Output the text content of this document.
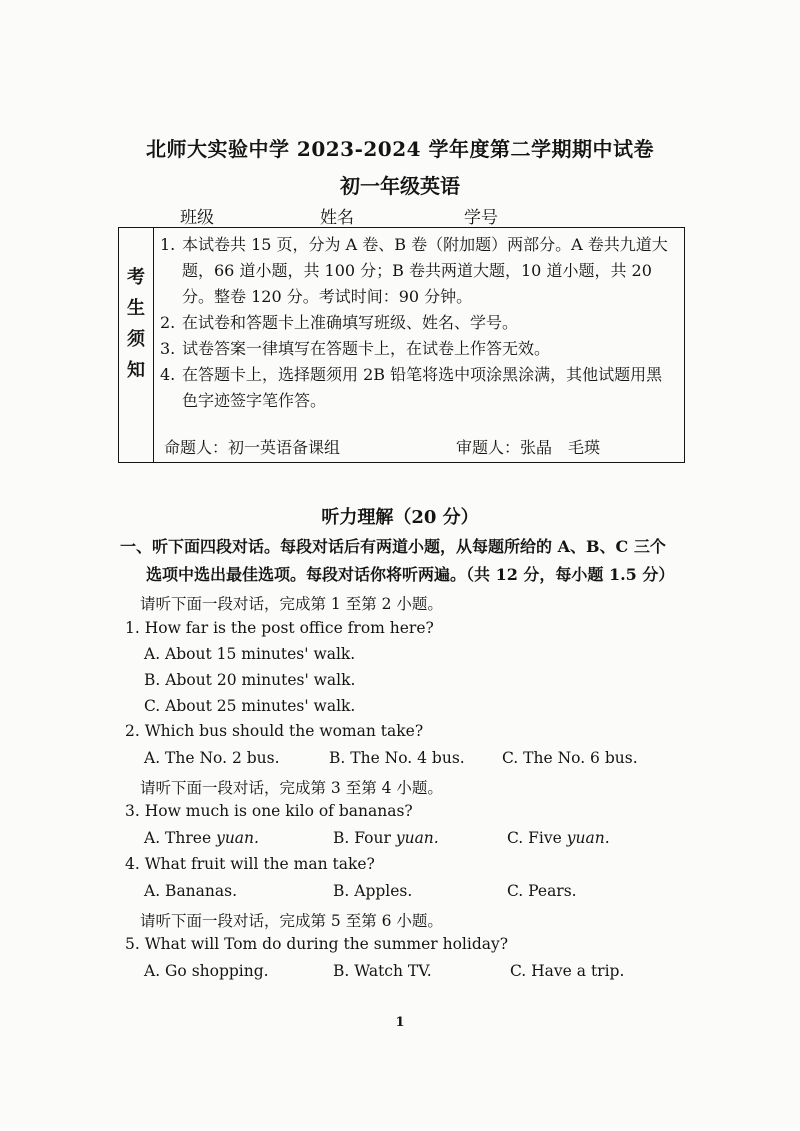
北师大实验中学 2023-2024 学年度第二学期期中试卷
初一年级英语
班级	姓名	学号
考
生
须
知
1. 本试卷共 15 页，分为 A 卷、B 卷（附加题）两部分。A 卷共九道大题，66 道小题，共 100 分；B 卷共两道大题，10 道小题，共 20 分。整卷 120 分。考试时间：90 分钟。
2. 在试卷和答题卡上准确填写班级、姓名、学号。
3. 试卷答案一律填写在答题卡上，在试卷上作答无效。
4. 在答题卡上，选择题须用 2B 铅笔将选中项涂黑涂满，其他试题用黑色字迹签字笔作答。
命题人：初一英语备课组	审题人：张晶　毛瑛
听力理解（20 分）
一、听下面四段对话。每段对话后有两道小题，从每题所给的 A、B、C 三个
选项中选出最佳选项。每段对话你将听两遍。（共 12 分，每小题 1.5 分）
请听下面一段对话，完成第 1 至第 2 小题。
1. How far is the post office from here?
A. About 15 minutes' walk.
B. About 20 minutes' walk.
C. About 25 minutes' walk.
2. Which bus should the woman take?
A. The No. 2 bus.	B. The No. 4 bus. C. The No. 6 bus.
请听下面一段对话，完成第 3 至第 4 小题。
3. How much is one kilo of bananas?
A. Three yuan.	B. Four yuan.	C. Five yuan.
4. What fruit will the man take?
A. Bananas.	B. Apples.	C. Pears.
请听下面一段对话，完成第 5 至第 6 小题。
5. What will Tom do during the summer holiday?
A. Go shopping.	B. Watch TV.	C. Have a trip.
1
